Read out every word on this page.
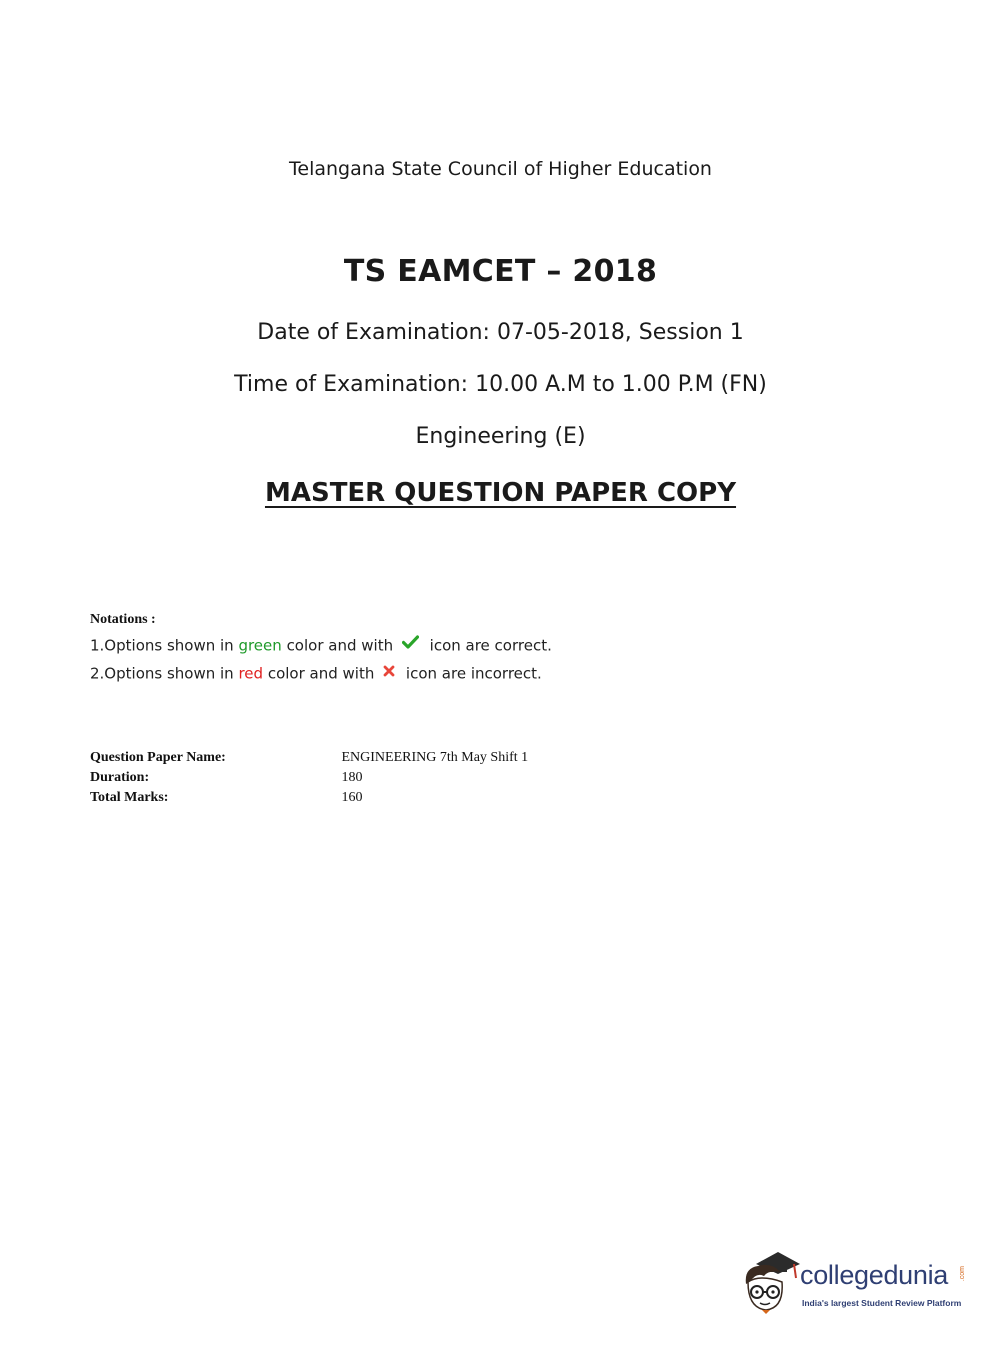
Telangana State Council of Higher Education
TS EAMCET – 2018
Date of Examination: 07-05-2018, Session 1
Time of Examination: 10.00 A.M to 1.00 P.M (FN)
Engineering (E)
MASTER QUESTION PAPER COPY
Notations :
1.Options shown in green color and with icon are correct.
2.Options shown in red color and with icon are incorrect.
Question Paper Name:	ENGINEERING 7th May Shift 1
Duration:	180
Total Marks:	160
collegedunia .com
India's largest Student Review Platform
